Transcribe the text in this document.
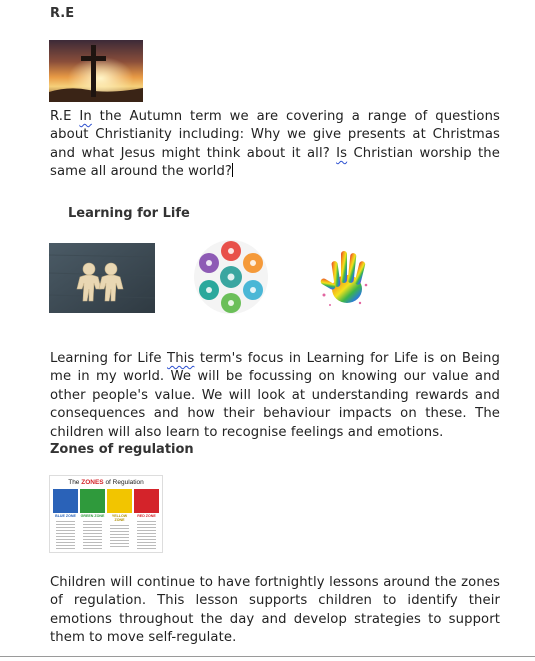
R.E

R.E In the Autumn term we are covering a range of questions about Christianity including: Why we give presents at Christmas and what Jesus might think about it all? Is Christian worship the same all around the world?

Learning for Life

Learning for Life This term's focus in Learning for Life is on Being me in my world. We will be focussing on knowing our value and other people's value. We will look at understanding rewards and consequences and how their behaviour impacts on these. The children will also learn to recognise feelings and emotions.

Zones of regulation
The ZONES of Regulation
BLUE ZONE	GREEN ZONE	YELLOW ZONE
RED ZONE

Children will continue to have fortnightly lessons around the zones of regulation. This lesson supports children to identify their emotions throughout the day and develop strategies to support them to move self-regulate.
